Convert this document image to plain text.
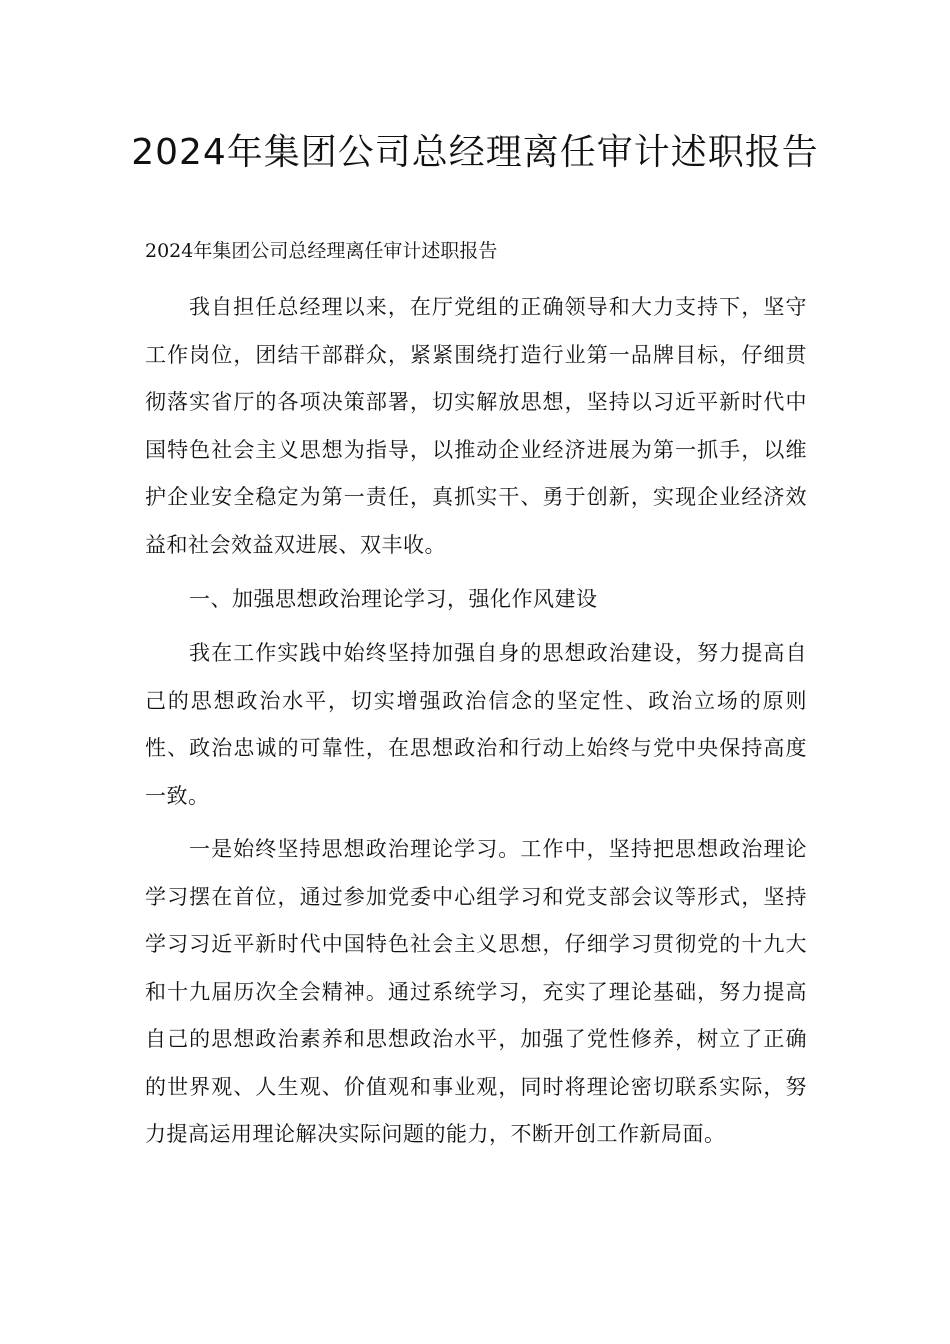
2024年集团公司总经理离任审计述职报告

2024年集团公司总经理离任审计述职报告

我自担任总经理以来，在厅党组的正确领导和大力支持下，坚守工作岗位，团结干部群众，紧紧围绕打造行业第一品牌目标，仔细贯彻落实省厅的各项决策部署，切实解放思想，坚持以习近平新时代中国特色社会主义思想为指导，以推动企业经济进展为第一抓手，以维护企业安全稳定为第一责任，真抓实干、勇于创新，实现企业经济效益和社会效益双进展、双丰收。

一、加强思想政治理论学习，强化作风建设

我在工作实践中始终坚持加强自身的思想政治建设，努力提高自己的思想政治水平，切实增强政治信念的坚定性、政治立场的原则性、政治忠诚的可靠性，在思想政治和行动上始终与党中央保持高度一致。

一是始终坚持思想政治理论学习。工作中，坚持把思想政治理论学习摆在首位，通过参加党委中心组学习和党支部会议等形式，坚持学习习近平新时代中国特色社会主义思想，仔细学习贯彻党的十九大和十九届历次全会精神。通过系统学习，充实了理论基础，努力提高自己的思想政治素养和思想政治水平，加强了党性修养，树立了正确的世界观、人生观、价值观和事业观，同时将理论密切联系实际，努力提高运用理论解决实际问题的能力，不断开创工作新局面。
